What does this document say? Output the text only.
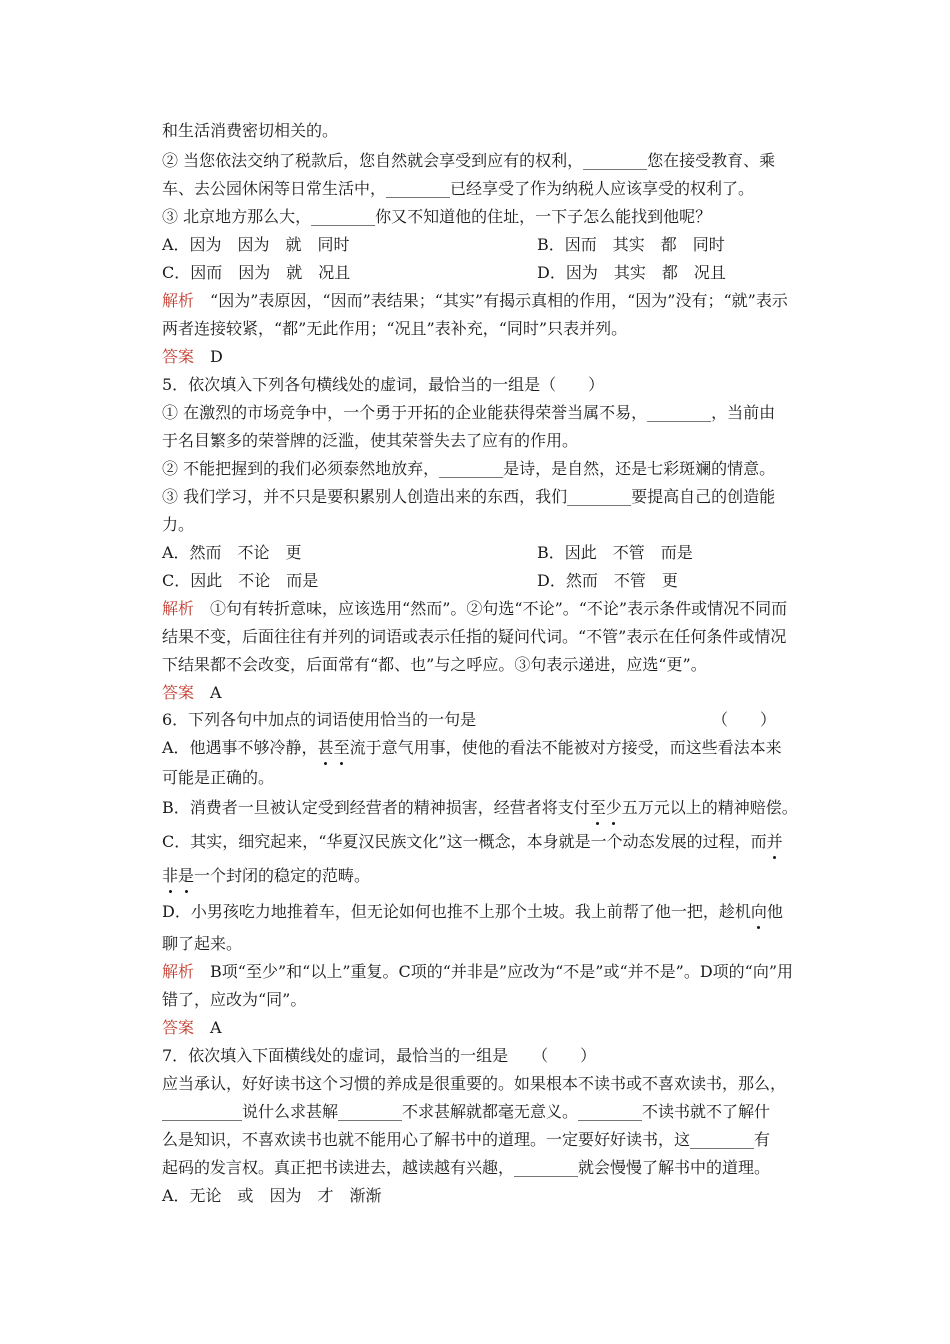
和生活消费密切相关的。
② 当您依法交纳了税款后，您自然就会享受到应有的权利，________您在接受教育、乘
车、去公园休闲等日常生活中，________已经享受了作为纳税人应该享受的权利了。
③ 北京地方那么大，________你又不知道他的住址，一下子怎么能找到他呢？
A．因为　因为　就　同时	B．因而　其实　都　同时
C．因而　因为　就　况且	D．因为　其实　都　况且
解析　 “因为”表原因，“因而”表结果；“其实”有揭示真相的作用，“因为”没有；“就”表示
两者连接较紧，“都”无此作用；“况且”表补充，“同时”只表并列。
答案　 D
5．依次填入下列各句横线处的虚词，最恰当的一组是（　　）
① 在激烈的市场竞争中，一个勇于开拓的企业能获得荣誉当属不易，________，当前由
于名目繁多的荣誉牌的泛滥，使其荣誉失去了应有的作用。
② 不能把握到的我们必须泰然地放弃，________是诗，是自然，还是七彩斑斓的情意。
③ 我们学习，并不只是要积累别人创造出来的东西，我们________要提高自己的创造能
力。
A．然而　不论　更	B．因此　不管　而是
C．因此　不论　而是	D．然而　不管　更
解析　 ①句有转折意味，应该选用“然而”。②句选“不论”。“不论”表示条件或情况不同而
结果不变，后面往往有并列的词语或表示任指的疑问代词。“不管”表示在任何条件或情况
下结果都不会改变，后面常有“都、也”与之呼应。③句表示递进，应选“更”。
答案　 A
6．下列各句中加点的词语使用恰当的一句是	（　　）
A．他遇事不够冷静，甚至流于意气用事，使他的看法不能被对方接受，而这些看法本来
可能是正确的。
B．消费者一旦被认定受到经营者的精神损害，经营者将支付至少五万元以上的精神赔偿。
C．其实，细究起来，“华夏汉民族文化”这一概念，本身就是一个动态发展的过程，而并
非是一个封闭的稳定的范畴。
D．小男孩吃力地推着车，但无论如何也推不上那个土坡。我上前帮了他一把，趁机向他
聊了起来。
解析　 B项“至少”和“以上”重复。C项的“并非是”应改为“不是”或“并不是”。D项的“向”用
错了，应改为“同”。
答案　 A
7．依次填入下面横线处的虚词，最恰当的一组是　　（　　）
应当承认，好好读书这个习惯的养成是很重要的。如果根本不读书或不喜欢读书，那么，
__________说什么求甚解________不求甚解就都毫无意义。________不读书就不了解什
么是知识，不喜欢读书也就不能用心了解书中的道理。一定要好好读书，这________有
起码的发言权。真正把书读进去，越读越有兴趣，________就会慢慢了解书中的道理。
A．无论　或　因为　才　渐渐
